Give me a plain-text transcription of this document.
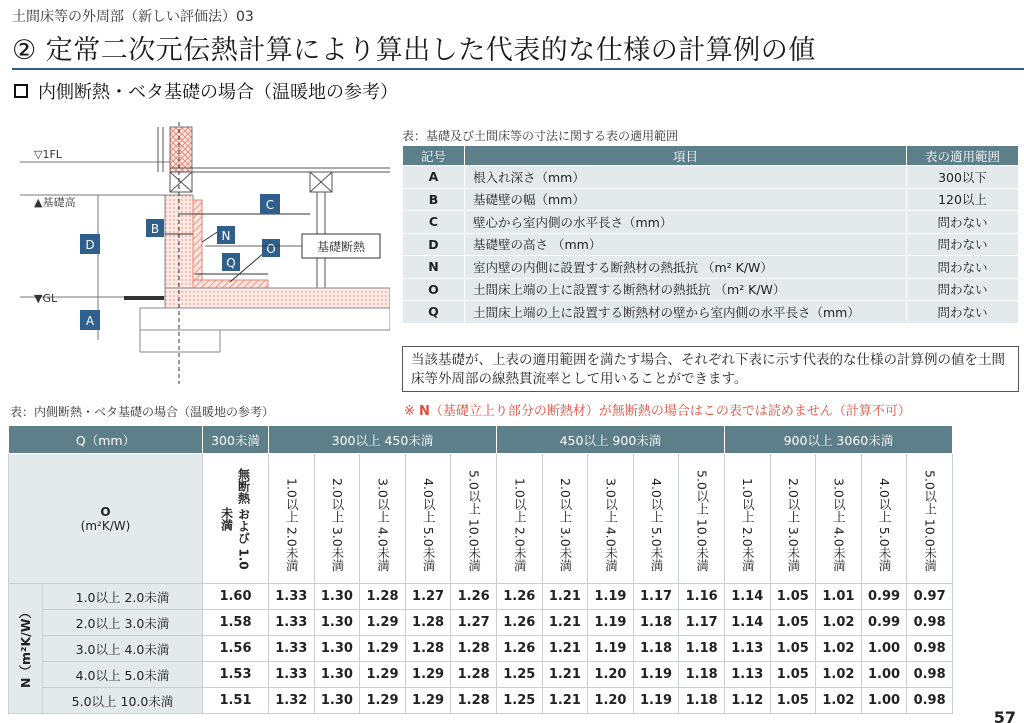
土間床等の外周部（新しい評価法）03
② 定常二次元伝熱計算により算出した代表的な仕様の計算例の値
内側断熱・ベタ基礎の場合（温暖地の参考）
▽1FL
▲基礎高
▼GL
D
A
B
C
N
O
Q
基礎断熱
表：基礎及び土間床等の寸法に関する表の適用範囲
記号	項目	表の適用範囲
A	根入れ深さ（mm）	300以下
B	基礎壁の幅（mm）	120以上
C	壁心から室内側の水平長さ（mm）	問わない
D	基礎壁の高さ （mm）	問わない
N	室内壁の内側に設置する断熱材の熱抵抗 （m² K/W）	問わない
O	土間床上端の上に設置する断熱材の熱抵抗 （m² K/W）	問わない
Q	土間床上端の上に設置する断熱材の壁から室内側の水平長さ（mm）	問わない
当該基礎が、上表の適用範囲を満たす場合、それぞれ下表に示す代表的な仕様の計算例の値を土間床等外周部の線熱貫流率として用いることができます。
※ N（基礎立上り部分の断熱材）が無断熱の場合はこの表では読めません（計算不可）
表：内側断熱・ベタ基礎の場合（温暖地の参考）
Q（mm）		300未満	300以上 450未満					450以上 900未満					900以上 3060未満				

O
(m²K/W)		無断熱 および 1.0未満	1.0以上 2.0未満	2.0以上 3.0未満	3.0以上 4.0未満	4.0以上 5.0未満	5.0以上 10.0未満	1.0以上 2.0未満	2.0以上 3.0未満	3.0以上 4.0未満	4.0以上 5.0未満	5.0以上 10.0未満	1.0以上 2.0未満	2.0以上 3.0未満	3.0以上 4.0未満	4.0以上 5.0未満	5.0以上 10.0未満
N（m²K/W）	1.0以上 2.0未満	1.60	1.33	1.30	1.28	1.27	1.26	1.26	1.21	1.19	1.17	1.16	1.14	1.05	1.01	0.99	0.97
	2.0以上 3.0未満	1.58	1.33	1.30	1.29	1.28	1.27	1.26	1.21	1.19	1.18	1.17	1.14	1.05	1.02	0.99	0.98
	3.0以上 4.0未満	1.56	1.33	1.30	1.29	1.28	1.28	1.26	1.21	1.19	1.18	1.18	1.13	1.05	1.02	1.00	0.98
	4.0以上 5.0未満	1.53	1.33	1.30	1.29	1.29	1.28	1.25	1.21	1.20	1.19	1.18	1.13	1.05	1.02	1.00	0.98
	5.0以上 10.0未満	1.51	1.32	1.30	1.29	1.29	1.28	1.25	1.21	1.20	1.19	1.18	1.12	1.05	1.02	1.00	0.98
57
